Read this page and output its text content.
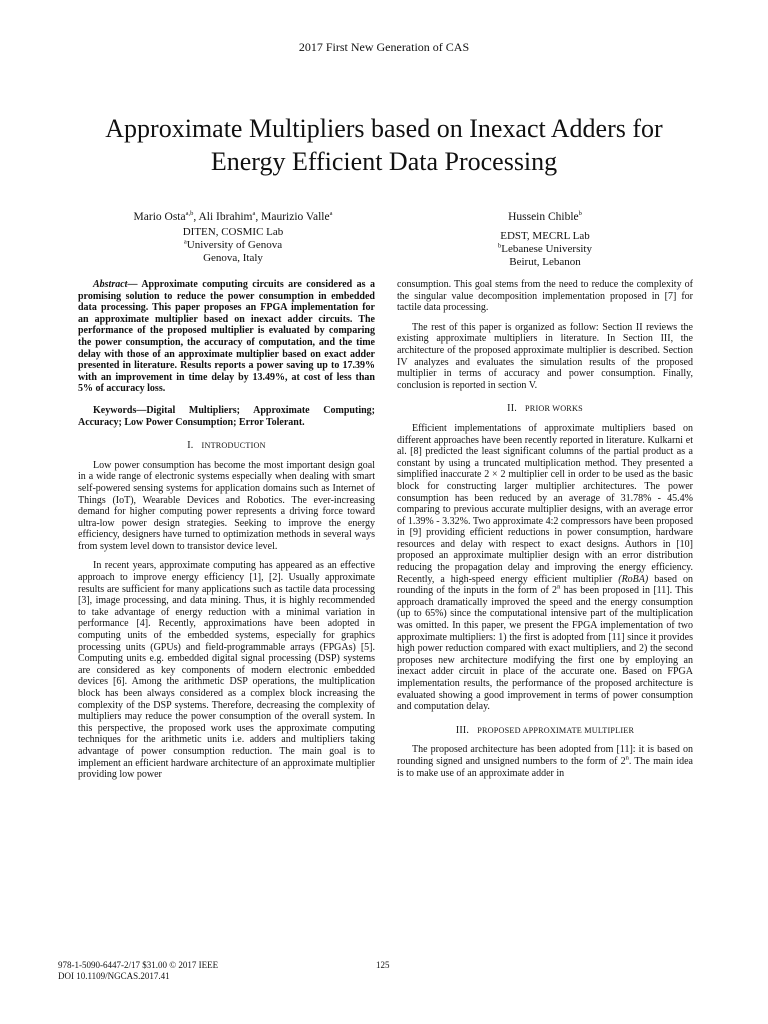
2017 First New Generation of CAS
Approximate Multipliers based on Inexact Adders for
Energy Efficient Data Processing
Mario Osta$^{a,b}$, Ali Ibrahim$^a$, Maurizio Valle$^a$
DITEN, COSMIC Lab
$^a$University of Genova
Genova, Italy
Hussein Chible$^b$
EDST, MECRL Lab
$^b$Lebanese University
Beirut, Lebanon

Abstract— Approximate computing circuits are considered as a promising solution to reduce the power consumption in embedded data processing. This paper proposes an FPGA implementation for an approximate multiplier based on inexact adder circuits. The performance of the proposed multiplier is evaluated by comparing the power consumption, the accuracy of computation, and the time delay with those of an approximate multiplier based on exact adder presented in literature. Results reports a power saving up to 17.39% with an improvement in time delay by 13.49%, at cost of less than 5% of accuracy loss.

Keywords—Digital Multipliers; Approximate Computing; Accuracy; Low Power Consumption; Error Tolerant.

I. INTRODUCTION

Low power consumption has become the most important design goal in a wide range of electronic systems especially when dealing with smart self-powered sensing systems for application domains such as Internet of Things (IoT), Wearable Devices and Robotics. The ever-increasing demand for higher computing power represents a driving force toward ultra-low power design strategies. Seeking to improve the energy efficiency, designers have turned to optimization methods in several ways from system level down to transistor device level.

In recent years, approximate computing has appeared as an effective approach to improve energy efficiency [1], [2]. Usually approximate results are sufficient for many applications such as tactile data processing [3], image processing, and data mining. Thus, it is highly recommended to take advantage of energy reduction with a minimal variation in performance [4]. Recently, approximations have been adopted in computing units of the embedded systems, especially for graphics processing units (GPUs) and field-programmable arrays (FPGAs) [5]. Computing units e.g. embedded digital signal processing (DSP) systems are considered as key components of modern electronic embedded devices [6]. Among the arithmetic DSP operations, the multiplication block has been always considered as a complex block increasing the complexity of the DSP systems. Therefore, decreasing the complexity of multipliers may reduce the power consumption of the overall system. In this perspective, the proposed work uses the approximate computing techniques for the arithmetic units i.e. adders and multipliers taking advantage of power consumption reduction. The main goal is to implement an efficient hardware architecture of an approximate multiplier providing low power

consumption. This goal stems from the need to reduce the complexity of the singular value decomposition implementation proposed in [7] for tactile data processing.

The rest of this paper is organized as follow: Section II reviews the existing approximate multipliers in literature. In Section III, the architecture of the proposed approximate multiplier is described. Section IV analyzes and evaluates the simulation results of the proposed multiplier in terms of accuracy and power consumption. Finally, conclusion is reported in section V.

II. PRIOR WORKS

Efficient implementations of approximate multipliers based on different approaches have been recently reported in literature. Kulkarni et al. [8] predicted the least significant columns of the partial product as a constant by using a truncated multiplication method. They presented a simplified inaccurate 2 × 2 multiplier cell in order to be used as the basic block for constructing larger multiplier architectures. The power consumption has been reduced by an average of 31.78% - 45.4% comparing to previous accurate multiplier designs, with an average error of 1.39% - 3.32%. Two approximate 4:2 compressors have been proposed in [9] providing efficient reductions in power consumption, hardware resources and delay with respect to exact designs. Authors in [10] proposed an approximate multiplier design with an error distribution reducing the propagation delay and improving the energy efficiency. Recently, a high-speed energy efficient multiplier (RoBA) based on rounding of the inputs in the form of 2$^n$ has been proposed in [11]. This approach dramatically improved the speed and the energy consumption (up to 65%) since the computational intensive part of the multiplication was omitted. In this paper, we present the FPGA implementation of two approximate multipliers: 1) the first is adopted from [11] since it provides high power reduction compared with exact multipliers, and 2) the second proposes new architecture modifying the first one by employing an inexact adder circuit in place of the accurate one. Based on FPGA implementation results, the performance of the proposed architecture is evaluated showing a good improvement in terms of power consumption and computation delay.

III. PROPOSED APPROXIMATE MULTIPLIER

The proposed architecture has been adopted from [11]: it is based on rounding signed and unsigned numbers to the form of 2$^n$. The main idea is to make use of an approximate adder in

978-1-5090-6447-2/17 $31.00 © 2017 IEEE
DOI 10.1109/NGCAS.2017.41
125
